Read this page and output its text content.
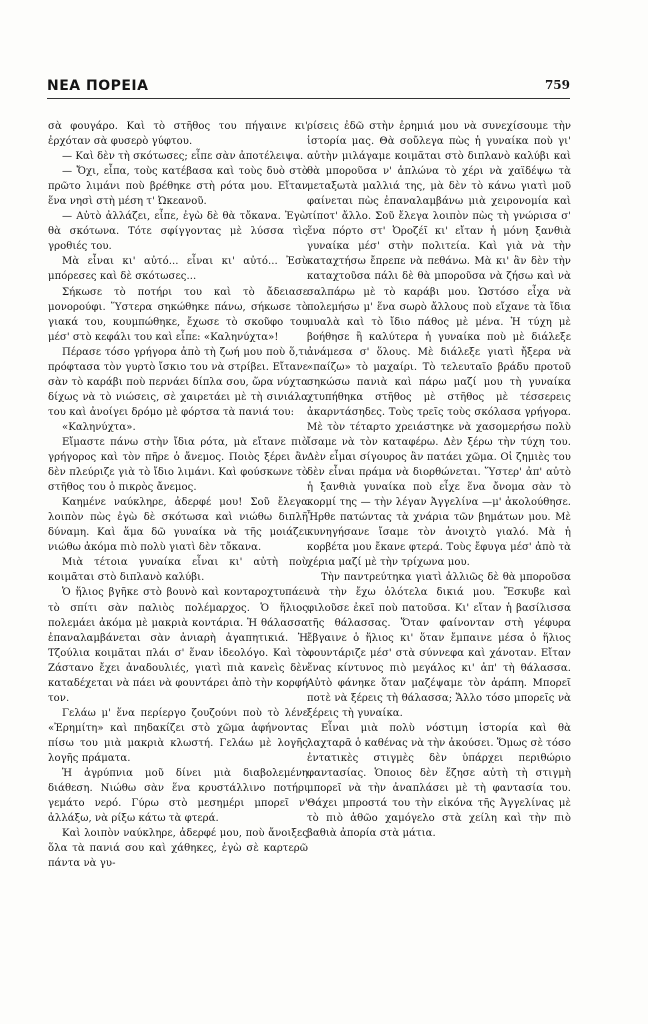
ΝΕΑ ΠΟΡΕΙΑ	759

σὰ φουγάρο. Καὶ τὸ στῆθος του πήγαινε κι' ἐρχόταν σὰ φυσερὸ γύφτου.

— Καὶ δὲν τὴ σκότωσες; εἶπε σὰν ἀποτέλειψα.

— Ὄχι, εἶπα, τοὺς κατέβασα καὶ τοὺς δυὸ στὸ πρῶτο λιμάνι ποὺ βρέθηκε στὴ ρότα μου. Εἴταν ἕνα νησὶ στὴ μέση τ' Ὠκεανοῦ.

— Αὐτὸ ἀλλάζει, εἶπε, ἐγὼ δὲ θὰ τὄκανα. Ἐγὼ θὰ σκότωνα. Τότε σφίγγοντας μὲ λύσσα τὶς γροθιές του.

Μὰ εἶναι κι' αὐτό... εἶναι κι' αὐτό... Ἐσὺ μπόρεσες καὶ δὲ σκότωσες...

Σήκωσε τὸ ποτήρι του καὶ τὸ ἄδειασε μονορούφι. Ὕστερα σηκώθηκε πάνω, σήκωσε τὸ γιακά του, κουμπώθηκε, ἔχωσε τὸ σκοῦφο του μέσ' στὸ κεφάλι του καὶ εἶπε: «Καληνύχτα»!

Πέρασε τόσο γρήγορα ἀπὸ τὴ ζωή μου ποὺ ὅ,τι πρόφτασα τὸν γυρτὸ ἴσκιο του νὰ στρίβει. Εἴτανε σὰν τὸ καράβι ποὺ περνάει δίπλα σου, ὥρα νύχτα δίχως νὰ τὸ νιώσεις, σὲ χαιρετάει μὲ τὴ σινιάλα του καὶ ἀνοίγει δρόμο μὲ φόρτσα τὰ πανιά του:

«Καληνύχτα».

Εἴμαστε πάνω στὴν ἴδια ρότα, μὰ εἴτανε πιὸ γρήγορος καὶ τὸν πῆρε ὁ ἄνεμος. Ποιὸς ξέρει ἂν δὲν πλεύριζε γιὰ τὸ ἴδιο λιμάνι. Καὶ φούσκωνε τὸ στῆθος του ὁ πικρὸς ἄνεμος.

Καημένε ναύκληρε, ἀδερφέ μου! Σοῦ ἔλεγα λοιπὸν πὼς ἐγὼ δὲ σκότωσα καὶ νιώθω διπλῆ δύναμη. Καὶ ἅμα δῶ γυναίκα νὰ τῆς μοιάζει νιώθω ἀκόμα πιὸ πολὺ γιατὶ δὲν τὄκανα.

Μιὰ τέτοια γυναίκα εἶναι κι' αὐτὴ ποὺ κοιμᾶται στὸ διπλανὸ καλύβι.

Ὁ ἥλιος βγῆκε στὸ βουνὸ καὶ κονταροχτυπάει τὸ σπίτι σὰν παλιὸς πολέμαρχος. Ὁ ἥλιος πολεμάει ἀκόμα μὲ μακριὰ κοντάρια. Ἡ θάλασσα ἐπαναλαμβάνεται σὰν ἀνιαρὴ ἀγαπητικιά. Ἡ Τζούλια κοιμᾶται πλάι σ' ἕναν ἰδεολόγο. Καὶ τὸ Ζάστανο ἔχει ἀναδουλιές, γιατὶ πιὰ κανεὶς δὲν καταδέχεται νὰ πάει νὰ φουντάρει ἀπὸ τὴν κορφή τον.

Γελάω μ' ἕνα περίεργο ζουζούνι ποὺ τὸ λένε «Ἐρημίτη» καὶ πηδακίζει στὸ χῶμα ἀφήνοντας πίσω του μιὰ μακριὰ κλωστή. Γελάω μὲ λογῆς λογῆς πράματα.

Ἡ ἀγρύπνια μοῦ δίνει μιὰ διαβολεμένη διάθεση. Νιώθω σὰν ἕνα κρυστάλλινο ποτήρι γεμάτο νερό. Γύρω στὸ μεσημέρι μπορεῖ ν' ἀλλάξω, νὰ ρίξω κάτω τὰ φτερά.

Καὶ λοιπὸν ναύκληρε, ἀδερφέ μου, ποὺ ἄνοιξες ὅλα τὰ πανιά σου καὶ χάθηκες, ἐγὼ σὲ καρτερῶ πάντα νὰ γυ-

ρίσεις ἐδῶ στὴν ἐρημιά μου νὰ συνεχίσουμε τὴν ἱστορία μας. Θὰ σοὔλεγα πὼς ἡ γυναίκα ποὺ γι' αὐτὴν μιλάγαμε κοιμᾶται στὸ διπλανὸ καλύβι καὶ θὰ μποροῦσα ν' ἁπλώνα τὸ χέρι νὰ χαϊδέψω τὰ μεταξωτὰ μαλλιά της, μὰ δὲν τὸ κάνω γιατὶ μοῦ φαίνεται πὼς ἐπαναλαμβάνω μιὰ χειρονομία καὶ τίποτ' ἄλλο. Σοῦ ἔλεγα λοιπὸν πὼς τὴ γνώρισα σ' ἕνα πόρτο στ' Ὀροζέῖ κι' εἴταν ἡ μόνη ξανθιὰ γυναίκα μέσ' στὴν πολιτεία. Καὶ γιὰ νὰ τὴν καταχτήσω ἔπρεπε νὰ πεθάνω. Μὰ κι' ἂν δὲν τὴν καταχτοῦσα πάλι δὲ θὰ μποροῦσα νὰ ζήσω καὶ νὰ σαλπάρω μὲ τὸ καράβι μου. Ὡστόσο εἶχα νὰ πολεμήσω μ' ἕνα σωρὸ ἄλλους ποὺ εἴχανε τὰ ἴδια μυαλὰ καὶ τὸ ἴδιο πάθος μὲ μένα. Ἡ τύχη μὲ βοήθησε ἢ καλύτερα ἡ γυναίκα ποὺ μὲ διάλεξε ἀνάμεσα σ' ὅλους. Μὲ διάλεξε γιατὶ ἤξερα νὰ «παίζω» τὸ μαχαίρι. Τὸ τελευταῖο βράδυ προτοῦ σηκώσω πανιὰ καὶ πάρω μαζί μου τὴ γυναίκα χτυπήθηκα στῆθος μὲ στῆθος μὲ τέσσερεις ἀκαρντάσηδες. Τοὺς τρεῖς τοὺς σκόλασα γρήγορα. Μὲ τὸν τέταρτο χρειάστηκε νὰ χασομερήσω πολὺ ἴσαμε νὰ τὸν καταφέρω. Δὲν ξέρω τὴν τύχη του. Δὲν εἶμαι σίγουρος ἂν πατάει χῶμα. Οἱ ζημιὲς του δὲν εἶναι πράμα νὰ διορθώνεται. Ὕστερ' ἀπ' αὐτὸ ἡ ξανθιὰ γυναίκα ποὺ εἶχε ἕνα ὄνομα σὰν τὸ κορμί της — τὴν λέγαν Ἀγγελίνα —μ' ἀκολούθησε. Ἦρθε πατώντας τὰ χνάρια τῶν βημάτων μου. Μὲ κυνηγήσανε ἴσαμε τὸν ἀνοιχτὸ γιαλό. Μὰ ἡ κορβέτα μου ἔκανε φτερά. Τοὺς ἔφυγα μέσ' ἀπὸ τὰ χέρια μαζί μὲ τὴν τρίχωνα μου.

Τὴν παντρεύτηκα γιατὶ ἀλλιῶς δὲ θὰ μποροῦσα νὰ τὴν ἔχω ὁλότελα δικιά μου. Ἔσκυβε καὶ φιλοῦσε ἐκεῖ ποὺ πατοῦσα. Κι' εἴταν ἡ βασίλισσα τῆς θάλασσας. Ὅταν φαίνονταν στὴ γέφυρα ἔβγαινε ὁ ἥλιος κι' ὅταν ἔμπαινε μέσα ὁ ἥλιος φουντάριζε μέσ' στὰ σύννεφα καὶ χάνοταν. Εἴταν ἕνας κίντυνος πιὸ μεγάλος κι' ἀπ' τὴ θάλασσα. Αὐτὸ φάνηκε ὅταν μαζέψαμε τὸν ἀράπη. Μπορεῖ ποτὲ νὰ ξέρεις τὴ θάλασσα; Ἄλλο τόσο μπορεῖς νὰ ξέρεις τὴ γυναίκα.

Εἶναι μιὰ πολὺ νόστιμη ἱστορία καὶ θὰ λαχταρᾶ ὁ καθένας νὰ τὴν ἀκούσει. Ὅμως σὲ τόσο ἐντατικὲς στιγμὲς δὲν ὑπάρχει περιθώριο φαντασίας. Ὁποιος δὲν ἔζησε αὐτὴ τὴ στιγμὴ μπορεῖ νὰ τὴν ἀναπλάσει μὲ τὴ φαντασία του. Θάχει μπροστά του τὴν εἰκόνα τῆς Ἀγγελίνας μὲ τὸ πιὸ ἁθῶο χαμόγελο στὰ χείλη καὶ τὴν πιὸ βαθιὰ ἀπορία στὰ μάτια.
